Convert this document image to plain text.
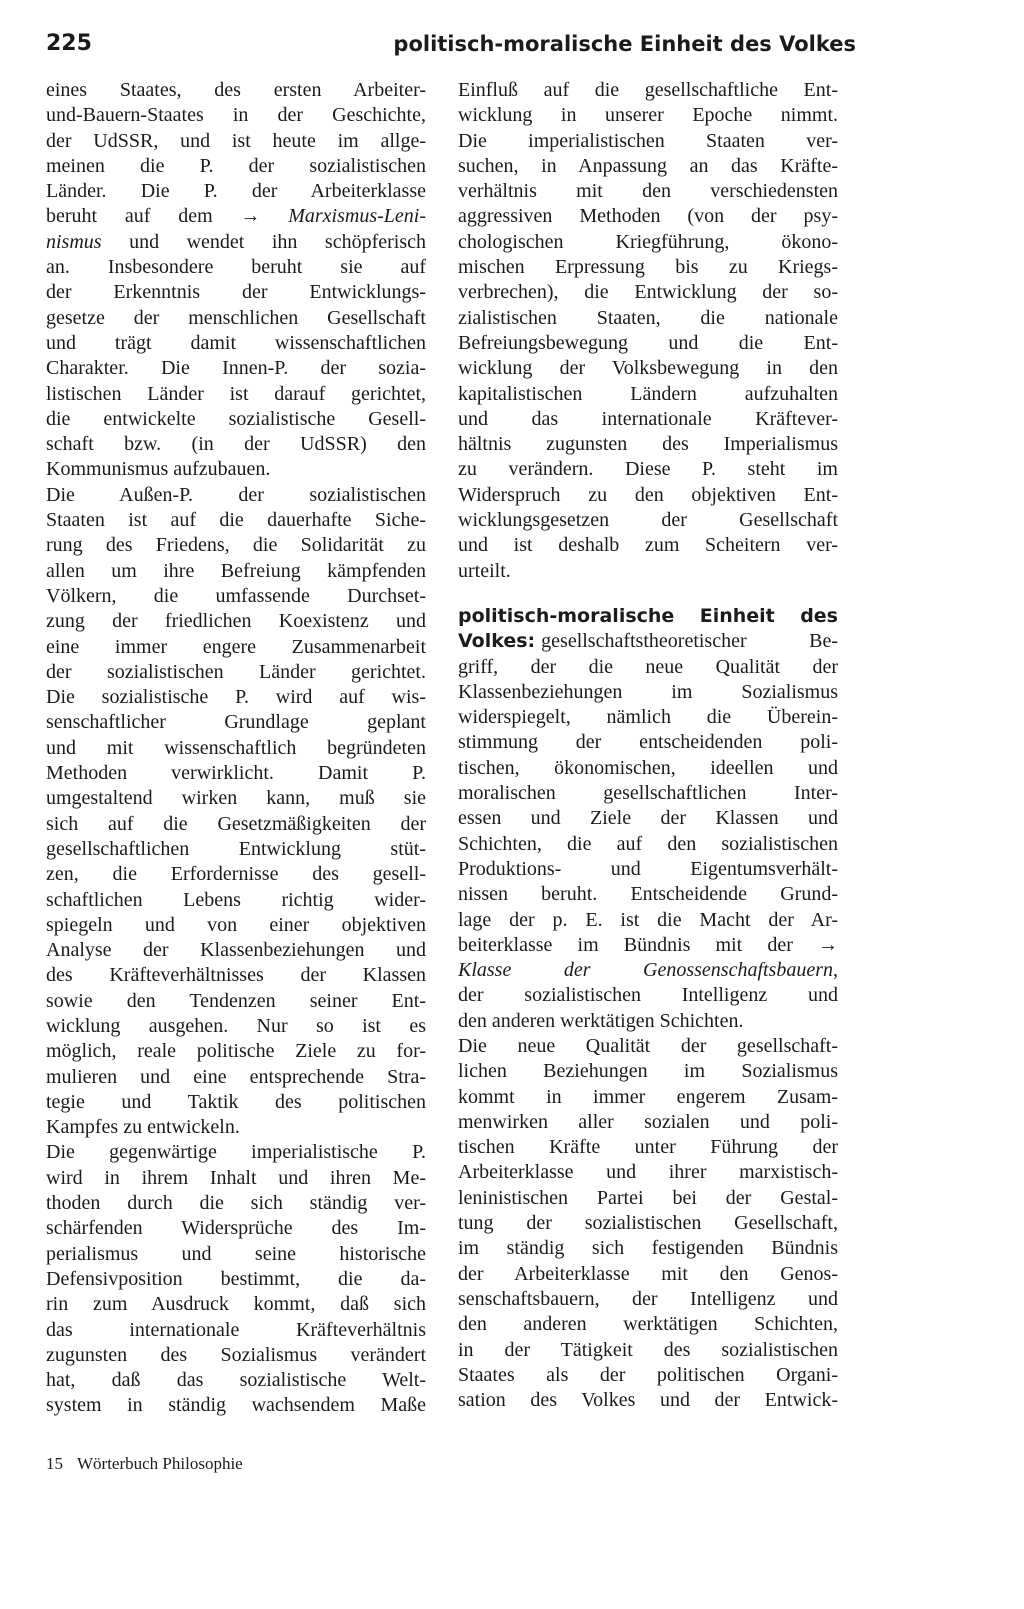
225	politisch-moralische Einheit des Volkes
eines Staates, des ersten Arbeiter-
und-Bauern-Staates in der Geschichte,
der UdSSR, und ist heute im allge-
meinen die P. der sozialistischen
Länder. Die P. der Arbeiterklasse
beruht auf dem → Marxismus-Leni-
nismus und wendet ihn schöpferisch
an. Insbesondere beruht sie auf
der Erkenntnis der Entwicklungs-
gesetze der menschlichen Gesellschaft
und trägt damit wissenschaftlichen
Charakter. Die Innen-P. der sozia-
listischen Länder ist darauf gerichtet,
die entwickelte sozialistische Gesell-
schaft bzw. (in der UdSSR) den
Kommunismus aufzubauen.
Die Außen-P. der sozialistischen
Staaten ist auf die dauerhafte Siche-
rung des Friedens, die Solidarität zu
allen um ihre Befreiung kämpfenden
Völkern, die umfassende Durchset-
zung der friedlichen Koexistenz und
eine immer engere Zusammenarbeit
der sozialistischen Länder gerichtet.
Die sozialistische P. wird auf wis-
senschaftlicher Grundlage geplant
und mit wissenschaftlich begründeten
Methoden verwirklicht. Damit P.
umgestaltend wirken kann, muß sie
sich auf die Gesetzmäßigkeiten der
gesellschaftlichen Entwicklung stüt-
zen, die Erfordernisse des gesell-
schaftlichen Lebens richtig wider-
spiegeln und von einer objektiven
Analyse der Klassenbeziehungen und
des Kräfteverhältnisses der Klassen
sowie den Tendenzen seiner Ent-
wicklung ausgehen. Nur so ist es
möglich, reale politische Ziele zu for-
mulieren und eine entsprechende Stra-
tegie und Taktik des politischen
Kampfes zu entwickeln.
Die gegenwärtige imperialistische P.
wird in ihrem Inhalt und ihren Me-
thoden durch die sich ständig ver-
schärfenden Widersprüche des Im-
perialismus und seine historische
Defensivposition bestimmt, die da-
rin zum Ausdruck kommt, daß sich
das internationale Kräfteverhältnis
zugunsten des Sozialismus verändert
hat, daß das sozialistische Welt-
system in ständig wachsendem Maße
Einfluß auf die gesellschaftliche Ent-
wicklung in unserer Epoche nimmt.
Die imperialistischen Staaten ver-
suchen, in Anpassung an das Kräfte-
verhältnis mit den verschiedensten
aggressiven Methoden (von der psy-
chologischen Kriegführung, ökono-
mischen Erpressung bis zu Kriegs-
verbrechen), die Entwicklung der so-
zialistischen Staaten, die nationale
Befreiungsbewegung und die Ent-
wicklung der Volksbewegung in den
kapitalistischen Ländern aufzuhalten
und das internationale Kräftever-
hältnis zugunsten des Imperialismus
zu verändern. Diese P. steht im
Widerspruch zu den objektiven Ent-
wicklungsgesetzen der Gesellschaft
und ist deshalb zum Scheitern ver-
urteilt.
politisch-moralische Einheit des
Volkes: gesellschaftstheoretischer Be-
griff, der die neue Qualität der
Klassenbeziehungen im Sozialismus
widerspiegelt, nämlich die Überein-
stimmung der entscheidenden poli-
tischen, ökonomischen, ideellen und
moralischen gesellschaftlichen Inter-
essen und Ziele der Klassen und
Schichten, die auf den sozialistischen
Produktions- und Eigentumsverhält-
nissen beruht. Entscheidende Grund-
lage der p. E. ist die Macht der Ar-
beiterklasse im Bündnis mit der →
Klasse der Genossenschaftsbauern,
der sozialistischen Intelligenz und
den anderen werktätigen Schichten.
Die neue Qualität der gesellschaft-
lichen Beziehungen im Sozialismus
kommt in immer engerem Zusam-
menwirken aller sozialen und poli-
tischen Kräfte unter Führung der
Arbeiterklasse und ihrer marxistisch-
leninistischen Partei bei der Gestal-
tung der sozialistischen Gesellschaft,
im ständig sich festigenden Bündnis
der Arbeiterklasse mit den Genos-
senschaftsbauern, der Intelligenz und
den anderen werktätigen Schichten,
in der Tätigkeit des sozialistischen
Staates als der politischen Organi-
sation des Volkes und der Entwick-
15 Wörterbuch Philosophie
